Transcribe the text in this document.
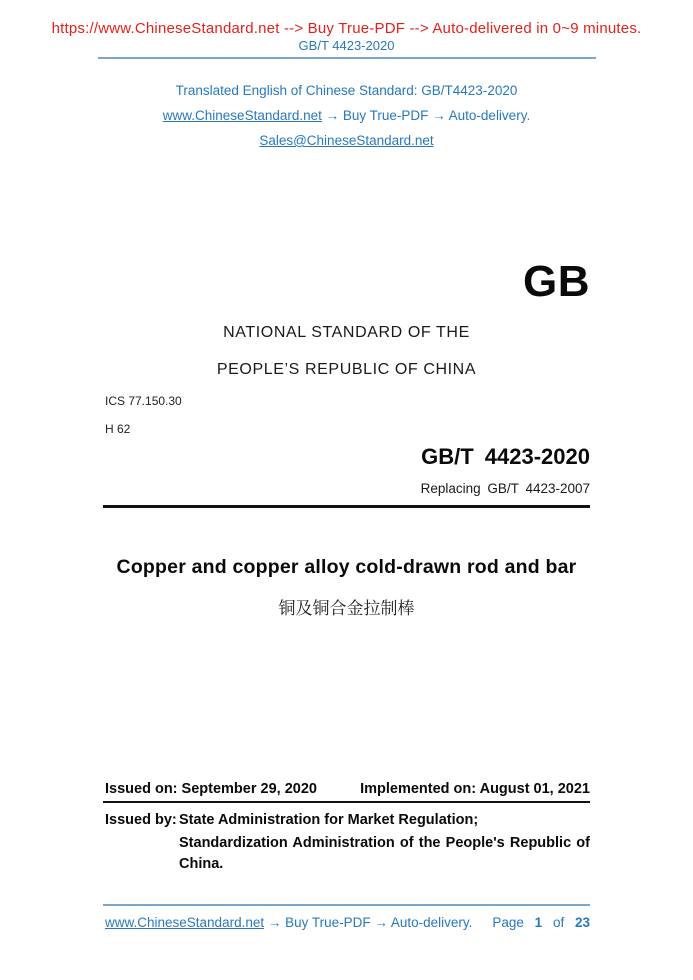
https://www.ChineseStandard.net --> Buy True-PDF --> Auto-delivered in 0~9 minutes.
GB/T 4423-2020
Translated English of Chinese Standard: GB/T4423-2020
www.ChineseStandard.net → Buy True-PDF → Auto-delivery.
Sales@ChineseStandard.net
GB
NATIONAL STANDARD OF THE
PEOPLE’S REPUBLIC OF CHINA
ICS 77.150.30
H 62
GB/T 4423-2020
Replacing GB/T 4423-2007
Copper and copper alloy cold-drawn rod and bar
铜及铜合金拉制棒
Issued on: September 29, 2020	Implemented on: August 01, 2021
Issued by: State Administration for Market Regulation;
Standardization Administration of the People's Republic of
China.
www.ChineseStandard.net → Buy True-PDF → Auto-delivery. Page 1 of 23
